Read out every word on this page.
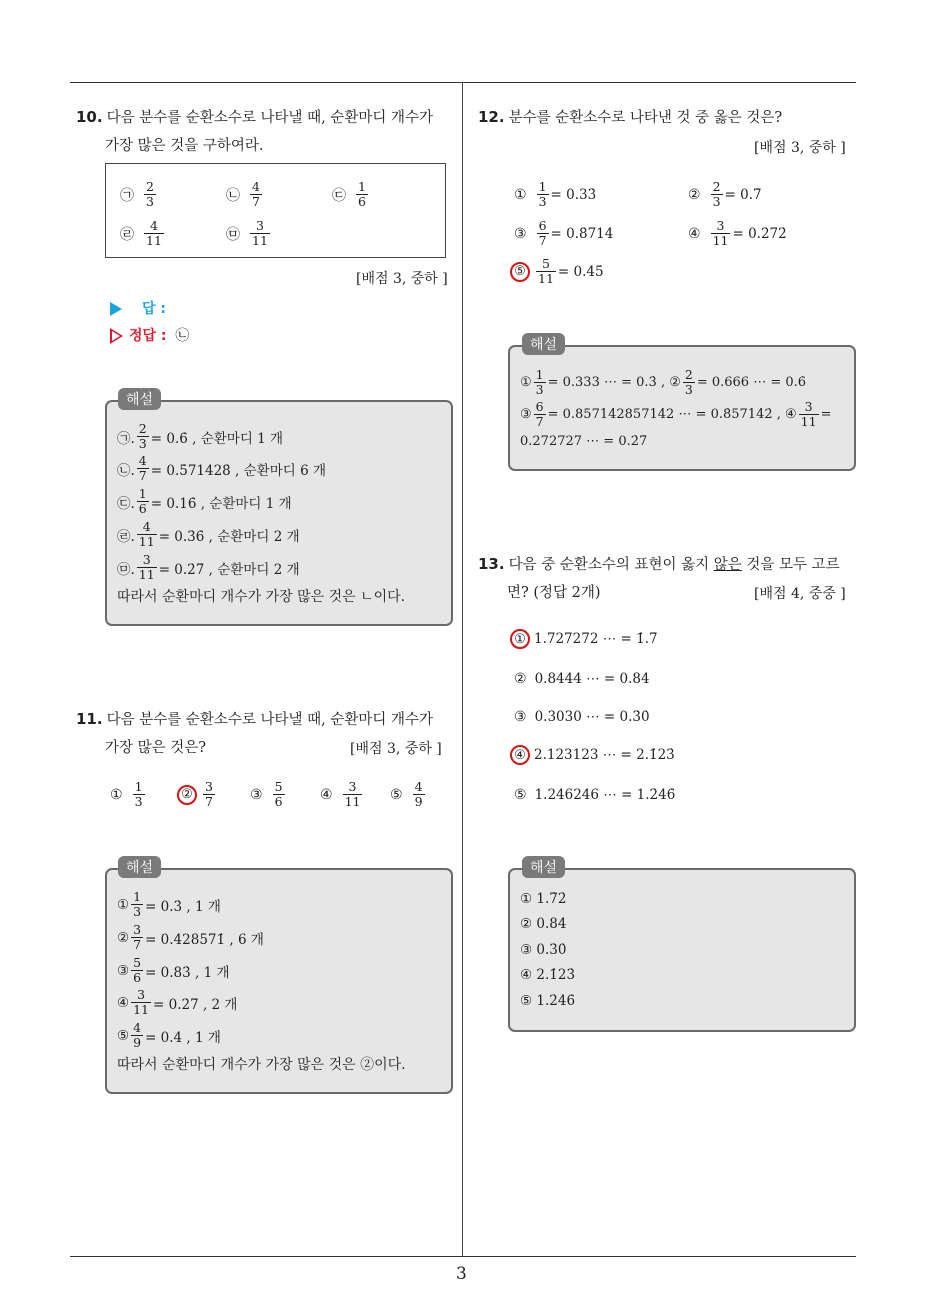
3
10. 다음 분수를 순환소수로 나타낼 때, 순환마디 개수가
가장 많은 것을 구하여라.
㉠ $\frac{2}{3}$	㉡ $\frac{4}{7}$	㉢ $\frac{1}{6}$
㉣ $\frac{4}{11}$	㉤ $\frac{3}{11}$
[배점 3, 중하 ]
답 :
정답 : ㉡
해설
㉠. $\frac{2}{3}$ = 0.6̇ , 순환마디 1 개
㉡. $\frac{4}{7}$ = 0.5̇71428̇ , 순환마디 6 개
㉢. $\frac{1}{6}$ = 0.16̇ , 순환마디 1 개
㉣. $\frac{4}{11}$ = 0.3̇6̇ , 순환마디 2 개
㉤. $\frac{3}{11}$ = 0.2̇7̇ , 순환마디 2 개
따라서 순환마디 개수가 가장 많은 것은 ㄴ이다.
11. 다음 분수를 순환소수로 나타낼 때, 순환마디 개수가
가장 많은 것은?	[배점 3, 중하 ]
① $\frac{1}{3}$	② $\frac{3}{7}$	③ $\frac{5}{6}$	④ $\frac{3}{11}$ ⑤ $\frac{4}{9}$
해설
① $\frac{1}{3}$ = 0.3̇ , 1 개
② $\frac{3}{7}$ = 0.4̇28571̇ , 6 개
③ $\frac{5}{6}$ = 0.83̇ , 1 개
④ $\frac{3}{11}$ = 0.2̇7̇ , 2 개
⑤ $\frac{4}{9}$ = 0.4̇ , 1 개
따라서 순환마디 개수가 가장 많은 것은 ②이다.
12. 분수를 순환소수로 나타낸 것 중 옳은 것은?
[배점 3, 중하 ]
① $\frac{1}{3}$ = 0.33̇	② $\frac{2}{3}$ = 0.7̇
③ $\frac{6}{7}$ = 0.8̇714̇	④ $\frac{3}{11}$ = 0.2̇72̇
⑤ $\frac{5}{11}$ = 0.4̇5̇
해설
① $\frac{1}{3} = 0.333$ ⋯ = 0.3̇ , ② $\frac{2}{3} = 0.666$ ⋯ = 0.6̇
③ $\frac{6}{7} = 0.857142857142$ ⋯ = 0.8̇57142̇ , ④ $\frac{3}{11}$ =
0.272727 ⋯ = 0.2̇7̇
13. 다음 중 순환소수의 표현이 옳지 않은 것을 모두 고르
면? (정답 2개)	[배점 4, 중중 ]
① 1.727272 ⋯ = 1̇.7̇
② 0.8444 ⋯ = 0.84̇
③ 0.3030 ⋯ = 0.3̇0̇
④ 2.123123 ⋯ = 2.1̇23̇
⑤ 1.246246 ⋯ = 1.2̇46̇
해설
① 1.7̇2̇
② 0.84̇
③ 0.3̇0̇
④ 2.1̇23̇
⑤ 1.2̇46̇
